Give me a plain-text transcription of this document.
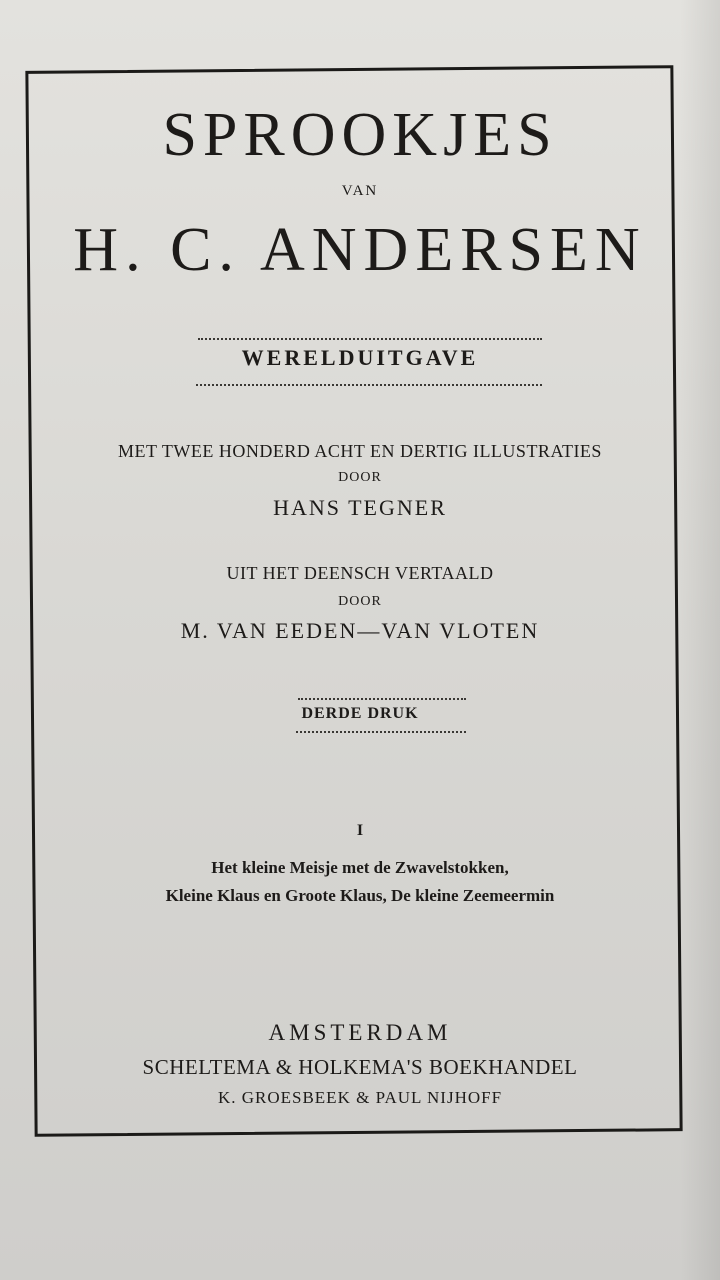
SPROOKJES
VAN
H. C. ANDERSEN
WERELDUITGAVE
MET TWEE HONDERD ACHT EN DERTIG ILLUSTRATIES
DOOR
HANS TEGNER
UIT HET DEENSCH VERTAALD
DOOR
M. VAN EEDEN—VAN VLOTEN
DERDE DRUK
I
Het kleine Meisje met de Zwavelstokken,
Kleine Klaus en Groote Klaus, De kleine Zeemeermin
AMSTERDAM
SCHELTEMA & HOLKEMA'S BOEKHANDEL
K. GROESBEEK & PAUL NIJHOFF
